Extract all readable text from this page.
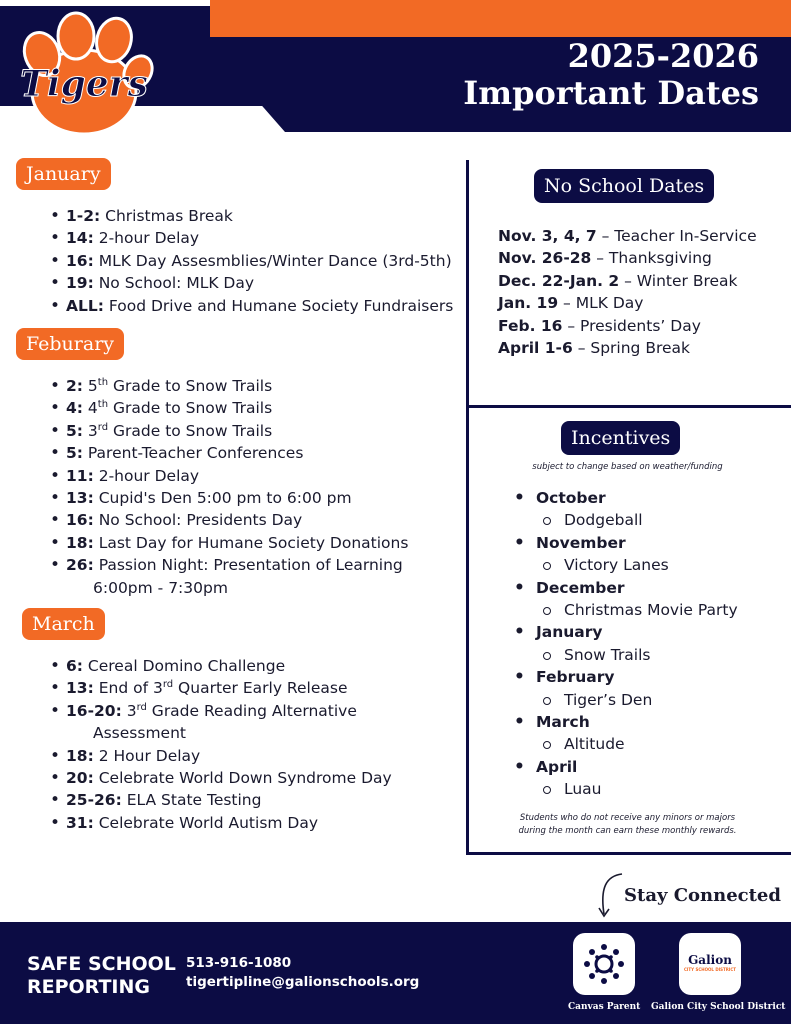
Tigers
2025-2026
Important Dates
January
• 1-2: Christmas Break
• 14: 2-hour Delay
• 16: MLK Day Assesmblies/Winter Dance (3rd-5th)
• 19: No School: MLK Day
• ALL: Food Drive and Humane Society Fundraisers
Feburary
• 2: 5th Grade to Snow Trails
• 4: 4th Grade to Snow Trails
• 5: 3rd Grade to Snow Trails
• 5: Parent-Teacher Conferences
• 11: 2-hour Delay
• 13: Cupid's Den 5:00 pm to 6:00 pm
• 16: No School: Presidents Day
• 18: Last Day for Humane Society Donations
• 26: Passion Night: Presentation of Learning
6:00pm - 7:30pm
March
• 6: Cereal Domino Challenge
• 13: End of 3rd Quarter Early Release
• 16-20: 3rd Grade Reading Alternative
Assessment
• 18: 2 Hour Delay
• 20: Celebrate World Down Syndrome Day
• 25-26: ELA State Testing
• 31: Celebrate World Autism Day
No School Dates
Nov. 3, 4, 7 – Teacher In-Service
Nov. 26-28 – Thanksgiving
Dec. 22-Jan. 2 – Winter Break
Jan. 19 – MLK Day
Feb. 16 – Presidents’ Day
April 1-6 – Spring Break
Incentives
subject to change based on weather/funding
• October
Dodgeball
• November
Victory Lanes
• December
Christmas Movie Party
• January
Snow Trails
• February
Tiger’s Den
• March
Altitude
• April
Luau
Students who do not receive any minors or majors
during the month can earn these monthly rewards.
Stay Connected
SAFE SCHOOL
REPORTING
513-916-1080
tigertipline@galionschools.org
Canvas Parent
Galion
CITY SCHOOL DISTRICT
Galion City School District
